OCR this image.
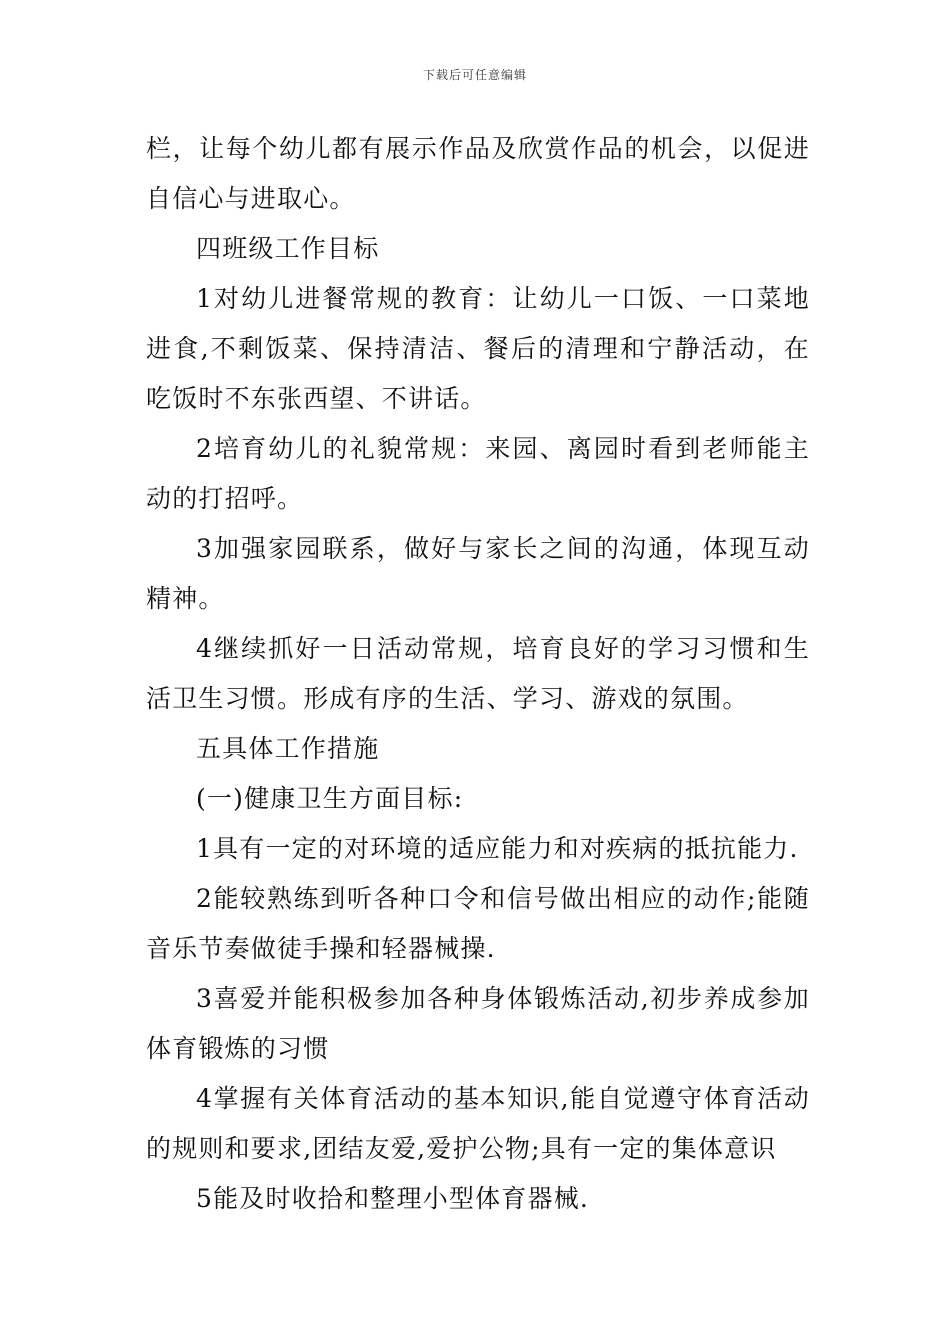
下载后可任意编辑

栏，让每个幼儿都有展示作品及欣赏作品的机会，以促进自信心与进取心。

四班级工作目标

1对幼儿进餐常规的教育：让幼儿一口饭、一口菜地进食,不剩饭菜、保持清洁、餐后的清理和宁静活动，在吃饭时不东张西望、不讲话。

2培育幼儿的礼貌常规：来园、离园时看到老师能主动的打招呼。

3加强家园联系，做好与家长之间的沟通，体现互动精神。

4继续抓好一日活动常规，培育良好的学习习惯和生活卫生习惯。形成有序的生活、学习、游戏的氛围。

五具体工作措施

(一)健康卫生方面目标:

1具有一定的对环境的适应能力和对疾病的抵抗能力.

2能较熟练到听各种口令和信号做出相应的动作;能随音乐节奏做徒手操和轻器械操.

3喜爱并能积极参加各种身体锻炼活动,初步养成参加体育锻炼的习惯

4掌握有关体育活动的基本知识,能自觉遵守体育活动的规则和要求,团结友爱,爱护公物;具有一定的集体意识

5能及时收拾和整理小型体育器械.
